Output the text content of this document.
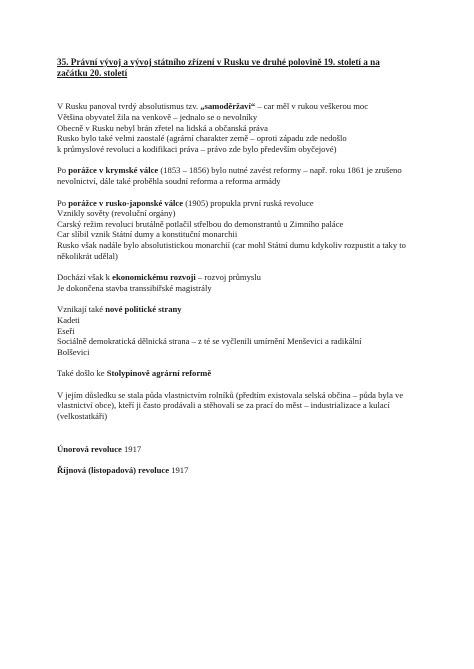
35. Právní vývoj a vývoj státního zřízení v Rusku ve druhé polovině 19. století a na
začátku 20. století
V Rusku panoval tvrdý absolutismus tzv. „samoděržaví“ – car měl v rukou veškerou moc
Většina obyvatel žila na venkově – jednalo se o nevolníky
Obecně v Rusku nebyl brán zřetel na lidská a občanská práva
Rusko bylo také velmi zaostalé (agrární charakter země – oproti západu zde nedošlo
k průmyslové revoluci a kodifikaci práva – právo zde bylo především obyčejové)
Po porážce v krymské válce (1853 – 1856) bylo nutné zavést reformy – např. roku 1861 je zrušeno nevolnictví, dále také proběhla soudní reforma a reforma armády
Po porážce v rusko-japonské válce (1905) propukla první ruská revoluce
Vznikly sověty (revoluční orgány)
Carský režim revoluci brutálně potlačil střelbou do demonstrantů u Zimního paláce
Car slíbil vznik Státní dumy a konstituční monarchii
Rusko však nadále bylo absolutistickou monarchií (car mohl Státní dumu kdykoliv rozpustit a taky to několikrát udělal)
Dochází však k ekonomickému rozvoji – rozvoj průmyslu
Je dokončena stavba transsibiřské magistrály
Vznikají také nové politické strany
Kadeti
Eseři
Sociálně demokratická dělnická strana – z té se vyčlenili umírnění Menševici a radikální
Bolševici
Také došlo ke Stolypinově agrární reformě
V jejím důsledku se stala půda vlastnictvím rolníků (předtím existovala selská občina – půda byla ve vlastnictví obce), kteří ji často prodávali a stěhovali se za prací do měst – industrializace a kulací (velkostatkáři)
Únorová revoluce 1917
Říjnová (listopadová) revoluce 1917
